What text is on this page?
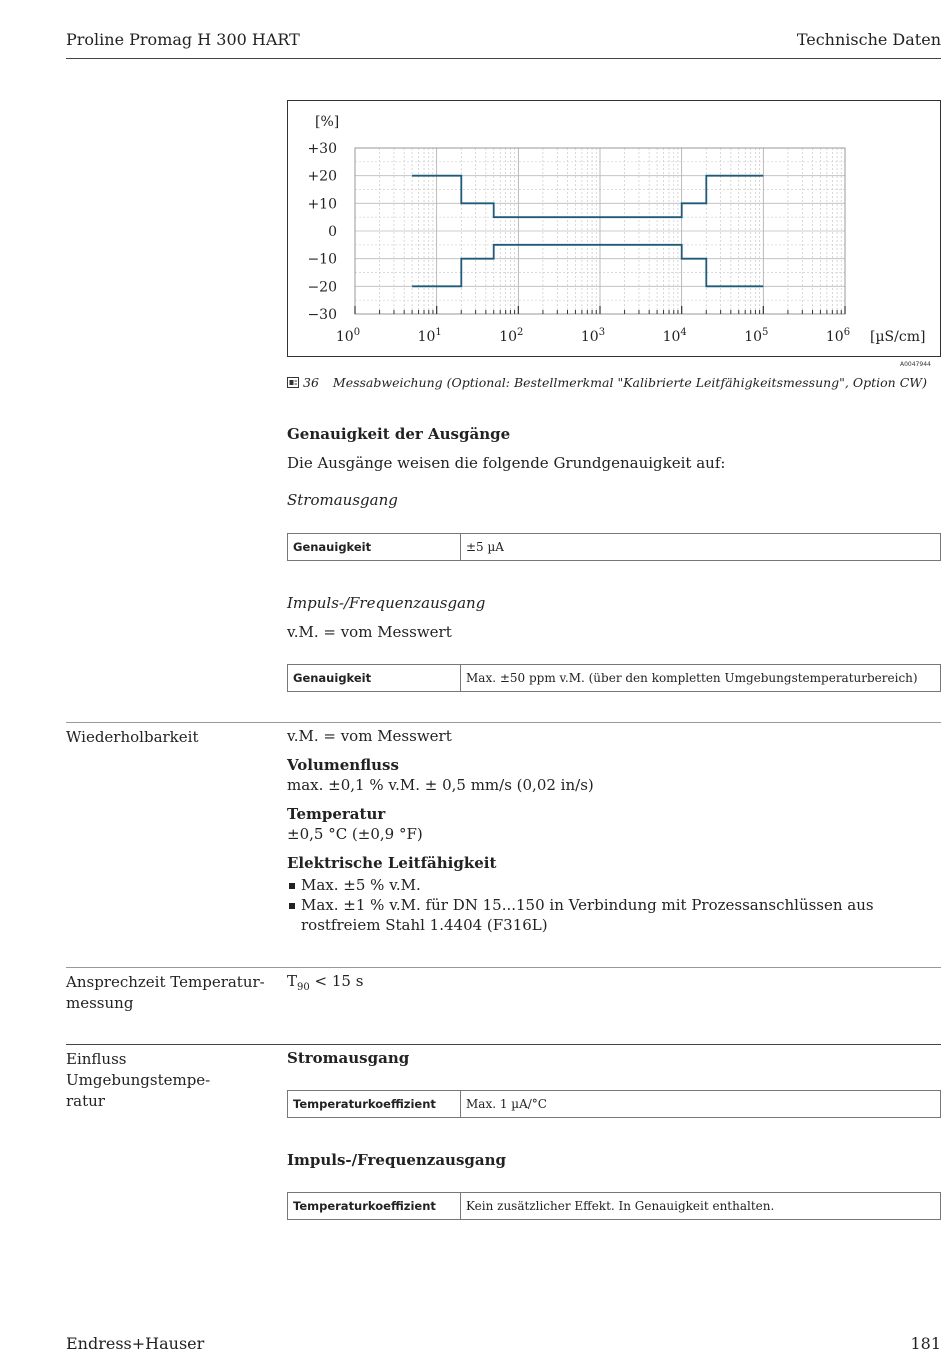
Proline Promag H 300 HART	Technische Daten
+30
+20
+10
0
−10
−20
−30
$10^0$	$10^1$	$10^2$	$10^3$	$10^4$	$10^5$	$10^6$
[%]
[µS/cm]
A0047944
36 Messabweichung (Optional: Bestellmerkmal "Kalibrierte Leitfähigkeitsmessung", Option CW)
Genauigkeit der Ausgänge
Die Ausgänge weisen die folgende Grundgenauigkeit auf:
Stromausgang
Genauigkeit	±5 µA
Impuls-/Frequenzausgang
v.M. = vom Messwert
Genauigkeit	Max. ±50 ppm v.M. (über den kompletten Umgebungstemperaturbereich)
Wiederholbarkeit	v.M. = vom Messwert
Volumenfluss
max. ±0,1 % v.M. ± 0,5 mm/s (0,02 in/s)
Temperatur
±0,5 °C (±0,9 °F)
Elektrische Leitfähigkeit
Max. ±5 % v.M.
Max. ±1 % v.M. für DN 15...150 in Verbindung mit Prozessanschlüssen aus rostfreiem Stahl 1.4404 (F316L)
Ansprechzeit Temperatur-
messung
$T_{90} < 15$ s
Einfluss Umgebungstempe-
ratur
Stromausgang
Temperaturkoeffizient	Max. 1 µA/°C
Impuls-/Frequenzausgang
Temperaturkoeffizient	Kein zusätzlicher Effekt. In Genauigkeit enthalten.
Endress+Hauser	181
